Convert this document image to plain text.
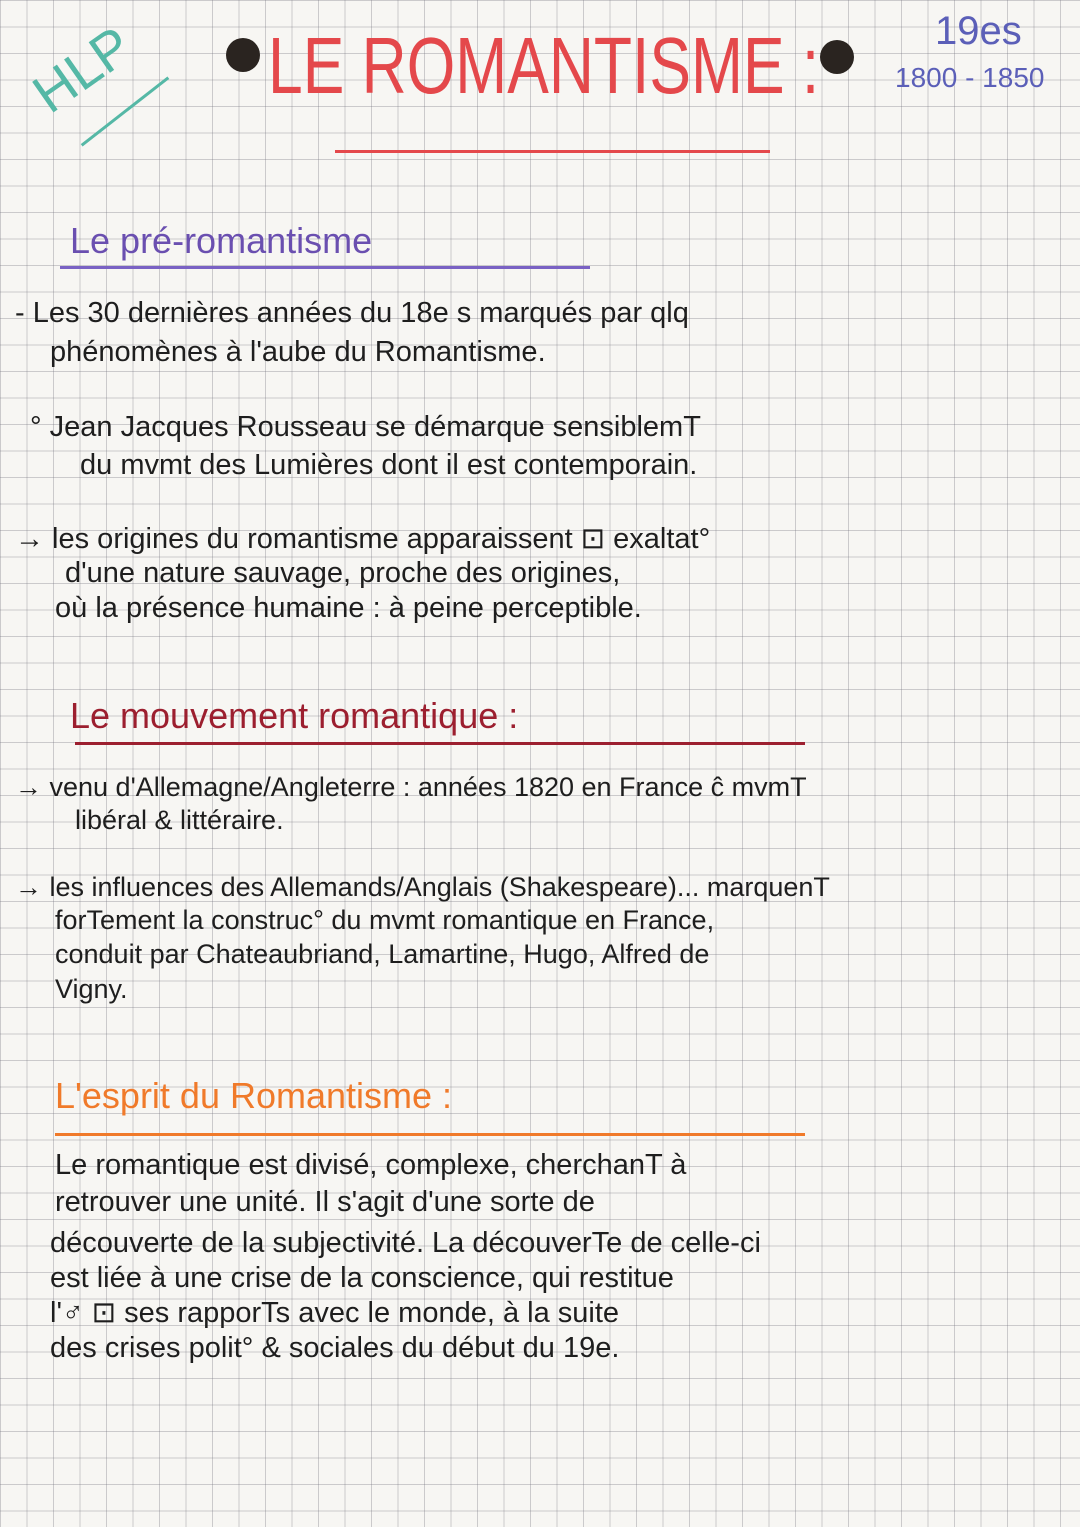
HLP LE ROMANTISME :	19es
1800 - 1850
Le pré-romantisme
- Les 30 dernières années du 18e s marqués par qlq
phénomènes à l'aube du Romantisme.
° Jean Jacques Rousseau se démarque sensiblemT
du mvmt des Lumières dont il est contemporain.
→ les origines du romantisme apparaissent ⊡ exaltat°
d'une nature sauvage, proche des origines,
où la présence humaine : à peine perceptible.
Le mouvement romantique :
→ venu d'Allemagne/Angleterre : années 1820 en France ĉ mvmT
libéral & littéraire.
→ les influences des Allemands/Anglais (Shakespeare)... marquenT
forTement la construc° du mvmt romantique en France,
conduit par Chateaubriand, Lamartine, Hugo, Alfred de
Vigny.
L'esprit du Romantisme :
Le romantique est divisé, complexe, cherchanT à
retrouver une unité. Il s'agit d'une sorte de
découverte de la subjectivité. La découverTe de celle-ci
est liée à une crise de la conscience, qui restitue
l'♂ ⊡ ses rapporTs avec le monde, à la suite
des crises polit° & sociales du début du 19e.
